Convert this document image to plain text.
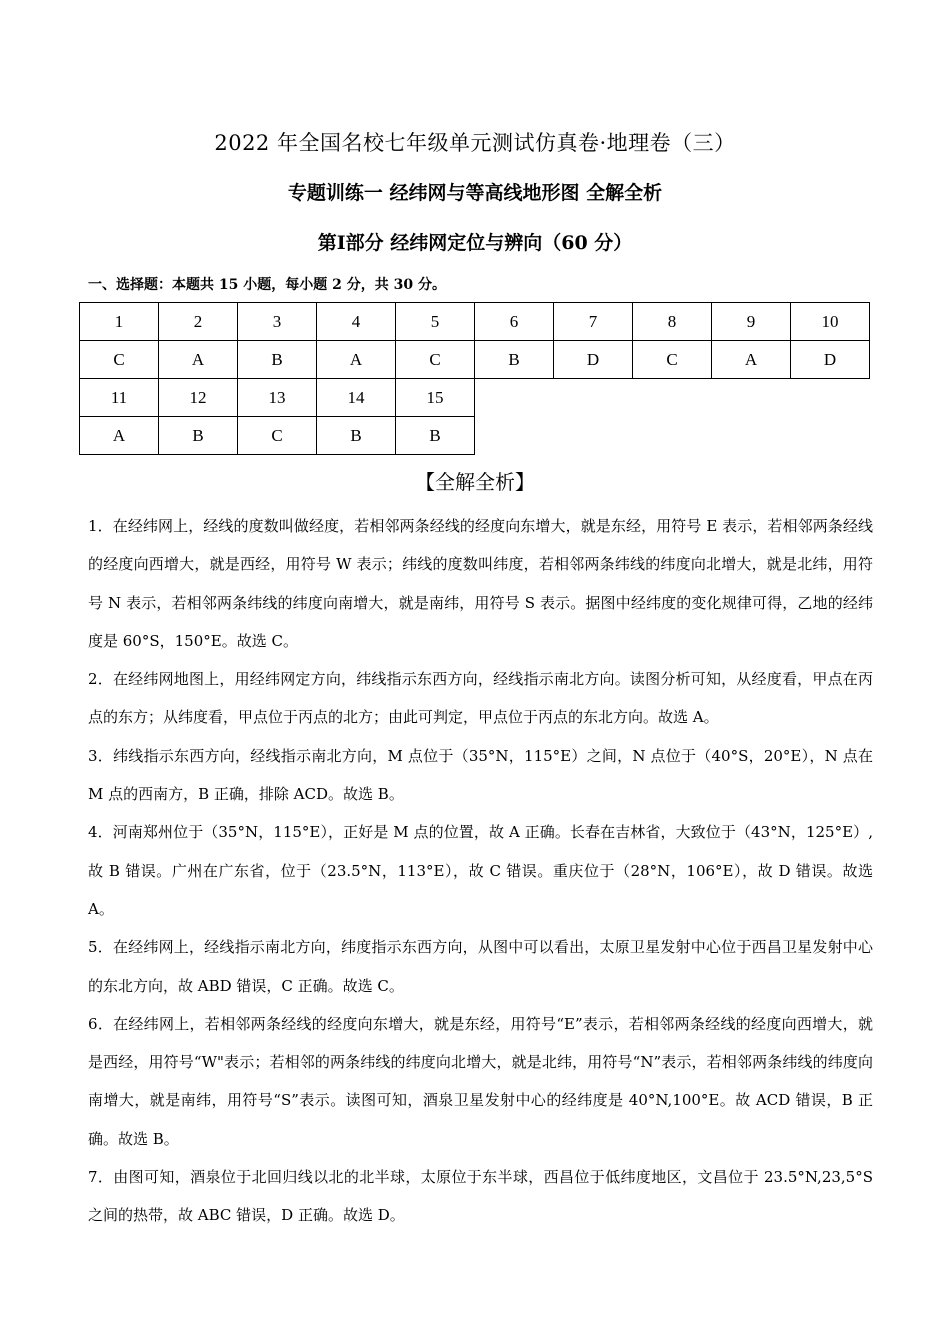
2022 年全国名校七年级单元测试仿真卷·地理卷（三）
专题训练一 经纬网与等高线地形图 全解全析
第Ⅰ部分 经纬网定位与辨向（60 分）
一、选择题：本题共 15 小题，每小题 2 分，共 30 分。
1	2	3	4	5	6	7	8	9	10
C	A	B	A	C	B	D	C	A	D
11	12	13	14	15					
A	B	C	B	B					
【全解全析】

1．在经纬网上，经线的度数叫做经度，若相邻两条经线的经度向东增大，就是东经，用符号 E 表示，若相邻两条经线的经度向西增大，就是西经，用符号 W 表示；纬线的度数叫纬度，若相邻两条纬线的纬度向北增大，就是北纬，用符号 N 表示，若相邻两条纬线的纬度向南增大，就是南纬，用符号 S 表示。据图中经纬度的变化规律可得，乙地的经纬度是 60°S，150°E。故选 C。

2．在经纬网地图上，用经纬网定方向，纬线指示东西方向，经线指示南北方向。读图分析可知，从经度看，甲点在丙点的东方；从纬度看，甲点位于丙点的北方；由此可判定，甲点位于丙点的东北方向。故选 A。

3．纬线指示东西方向，经线指示南北方向，M 点位于（35°N，115°E）之间，N 点位于（40°S，20°E），N 点在 M 点的西南方，B 正确，排除 ACD。故选 B。

4．河南郑州位于（35°N，115°E），正好是 M 点的位置，故 A 正确。长春在吉林省，大致位于（43°N，125°E）,故 B 错误。广州在广东省，位于（23.5°N，113°E），故 C 错误。重庆位于（28°N，106°E），故 D 错误。故选 A。

5．在经纬网上，经线指示南北方向，纬度指示东西方向，从图中可以看出，太原卫星发射中心位于西昌卫星发射中心的东北方向，故 ABD 错误，C 正确。故选 C。

6．在经纬网上，若相邻两条经线的经度向东增大，就是东经，用符号“E”表示，若相邻两条经线的经度向西增大，就是西经，用符号“W"表示；若相邻的两条纬线的纬度向北增大，就是北纬，用符号“N”表示，若相邻两条纬线的纬度向南增大，就是南纬，用符号“S”表示。读图可知，酒泉卫星发射中心的经纬度是 40°N,100°E。故 ACD 错误，B 正确。故选 B。

7．由图可知，酒泉位于北回归线以北的北半球，太原位于东半球，西昌位于低纬度地区，文昌位于 23.5°N,23,5°S 之间的热带，故 ABC 错误，D 正确。故选 D。
